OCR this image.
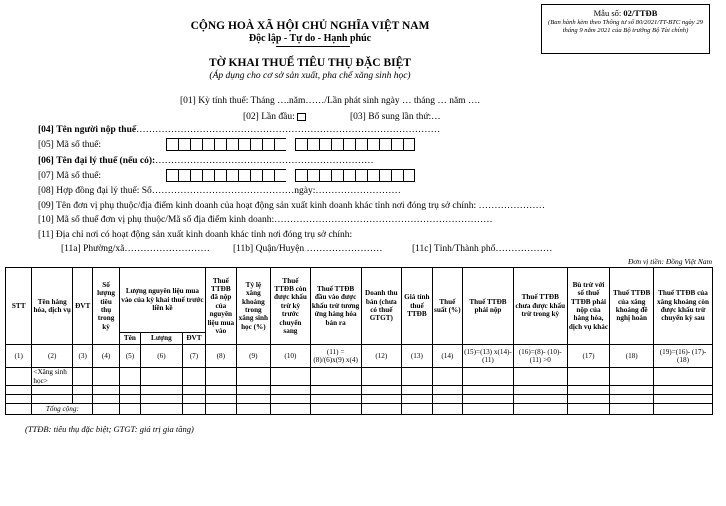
Mẫu số: 02/TTĐB
(Ban hành kèm theo Thông tư số 80/2021/TT-BTC ngày 29 tháng 9 năm 2021 của Bộ trưởng Bộ Tài chính)
CỘNG HOÀ XÃ HỘI CHỦ NGHĨA VIỆT NAM
Độc lập - Tự do - Hạnh phúc
TỜ KHAI THUẾ TIÊU THỤ ĐẶC BIỆT
(Áp dụng cho cơ sở sản xuất, pha chế xăng sinh học)
[01] Kỳ tính thuế: Tháng ….năm……/Lần phát sinh ngày … tháng … năm ….
[02] Lần đầu:	[03] Bổ sung lần thứ:…
[04] Tên người nộp thuế……………………………………………………………………………………
[05] Mã số thuế:
[06] Tên đại lý thuế (nếu có):……………………………………………………………
[07] Mã số thuế:
[08] Hợp đồng đại lý thuế: Số………………………………………ngày:………………………
[09] Tên đơn vị phụ thuộc/địa điểm kinh doanh của hoạt động sản xuất kinh doanh khác tỉnh nơi đóng trụ sở chính: …………………
[10] Mã số thuế đơn vị phụ thuộc/Mã số địa điểm kinh doanh:……………………………………………………………
[11] Địa chỉ nơi có hoạt động sản xuất kinh doanh khác tỉnh nơi đóng trụ sở chính:
[11a] Phường/xã……………………… [11b] Quận/Huyện ……………………	[11c] Tỉnh/Thành phố………………
Đơn vị tiền: Đồng Việt Nam
STT	Tên hàng hóa, dịch vụ	ĐVT	Số lượng tiêu thụ trong kỳ	Lượng nguyên liệu mua vào của kỳ khai thuế trước liền kề			Thuế TTĐB đã nộp của nguyên liệu mua vào	Tỷ lệ xăng khoáng trong xăng sinh học (%)	Thuế TTĐB còn được khấu trừ kỳ trước chuyển sang	Thuế TTĐB đầu vào được khấu trừ tương ứng hàng hóa bán ra	Doanh thu bán (chưa có thuế GTGT)	Giá tính thuế TTĐB	Thuế suất (%)	Thuế TTĐB phải nộp	Thuế TTĐB chưa được khấu trừ trong kỳ	Bù trừ với số thuế TTĐB phải nộp của hàng hóa, dịch vụ khác	Thuế TTĐB của xăng khoáng đề nghị hoàn	Thuế TTĐB của xăng khoáng còn được khấu trừ chuyển kỳ sau
				Tên	Lượng	ĐVT												
(1)	(2)	(3)	(4)	(5)	(6)	(7)	(8)	(9)	(10)	(11) = (8)/(6)x(9) x(4)	(12)	(13)	(14)	(15)=(13) x(14)-(11)	(16)=(8)- (10)-(11) >0	(17)	(18)	(19)=(16)- (17)-(18)
	<Xăng sinh học>																	

	Tổng cộng:																	
(TTĐB: tiêu thụ đặc biệt; GTGT: giá trị gia tăng)
